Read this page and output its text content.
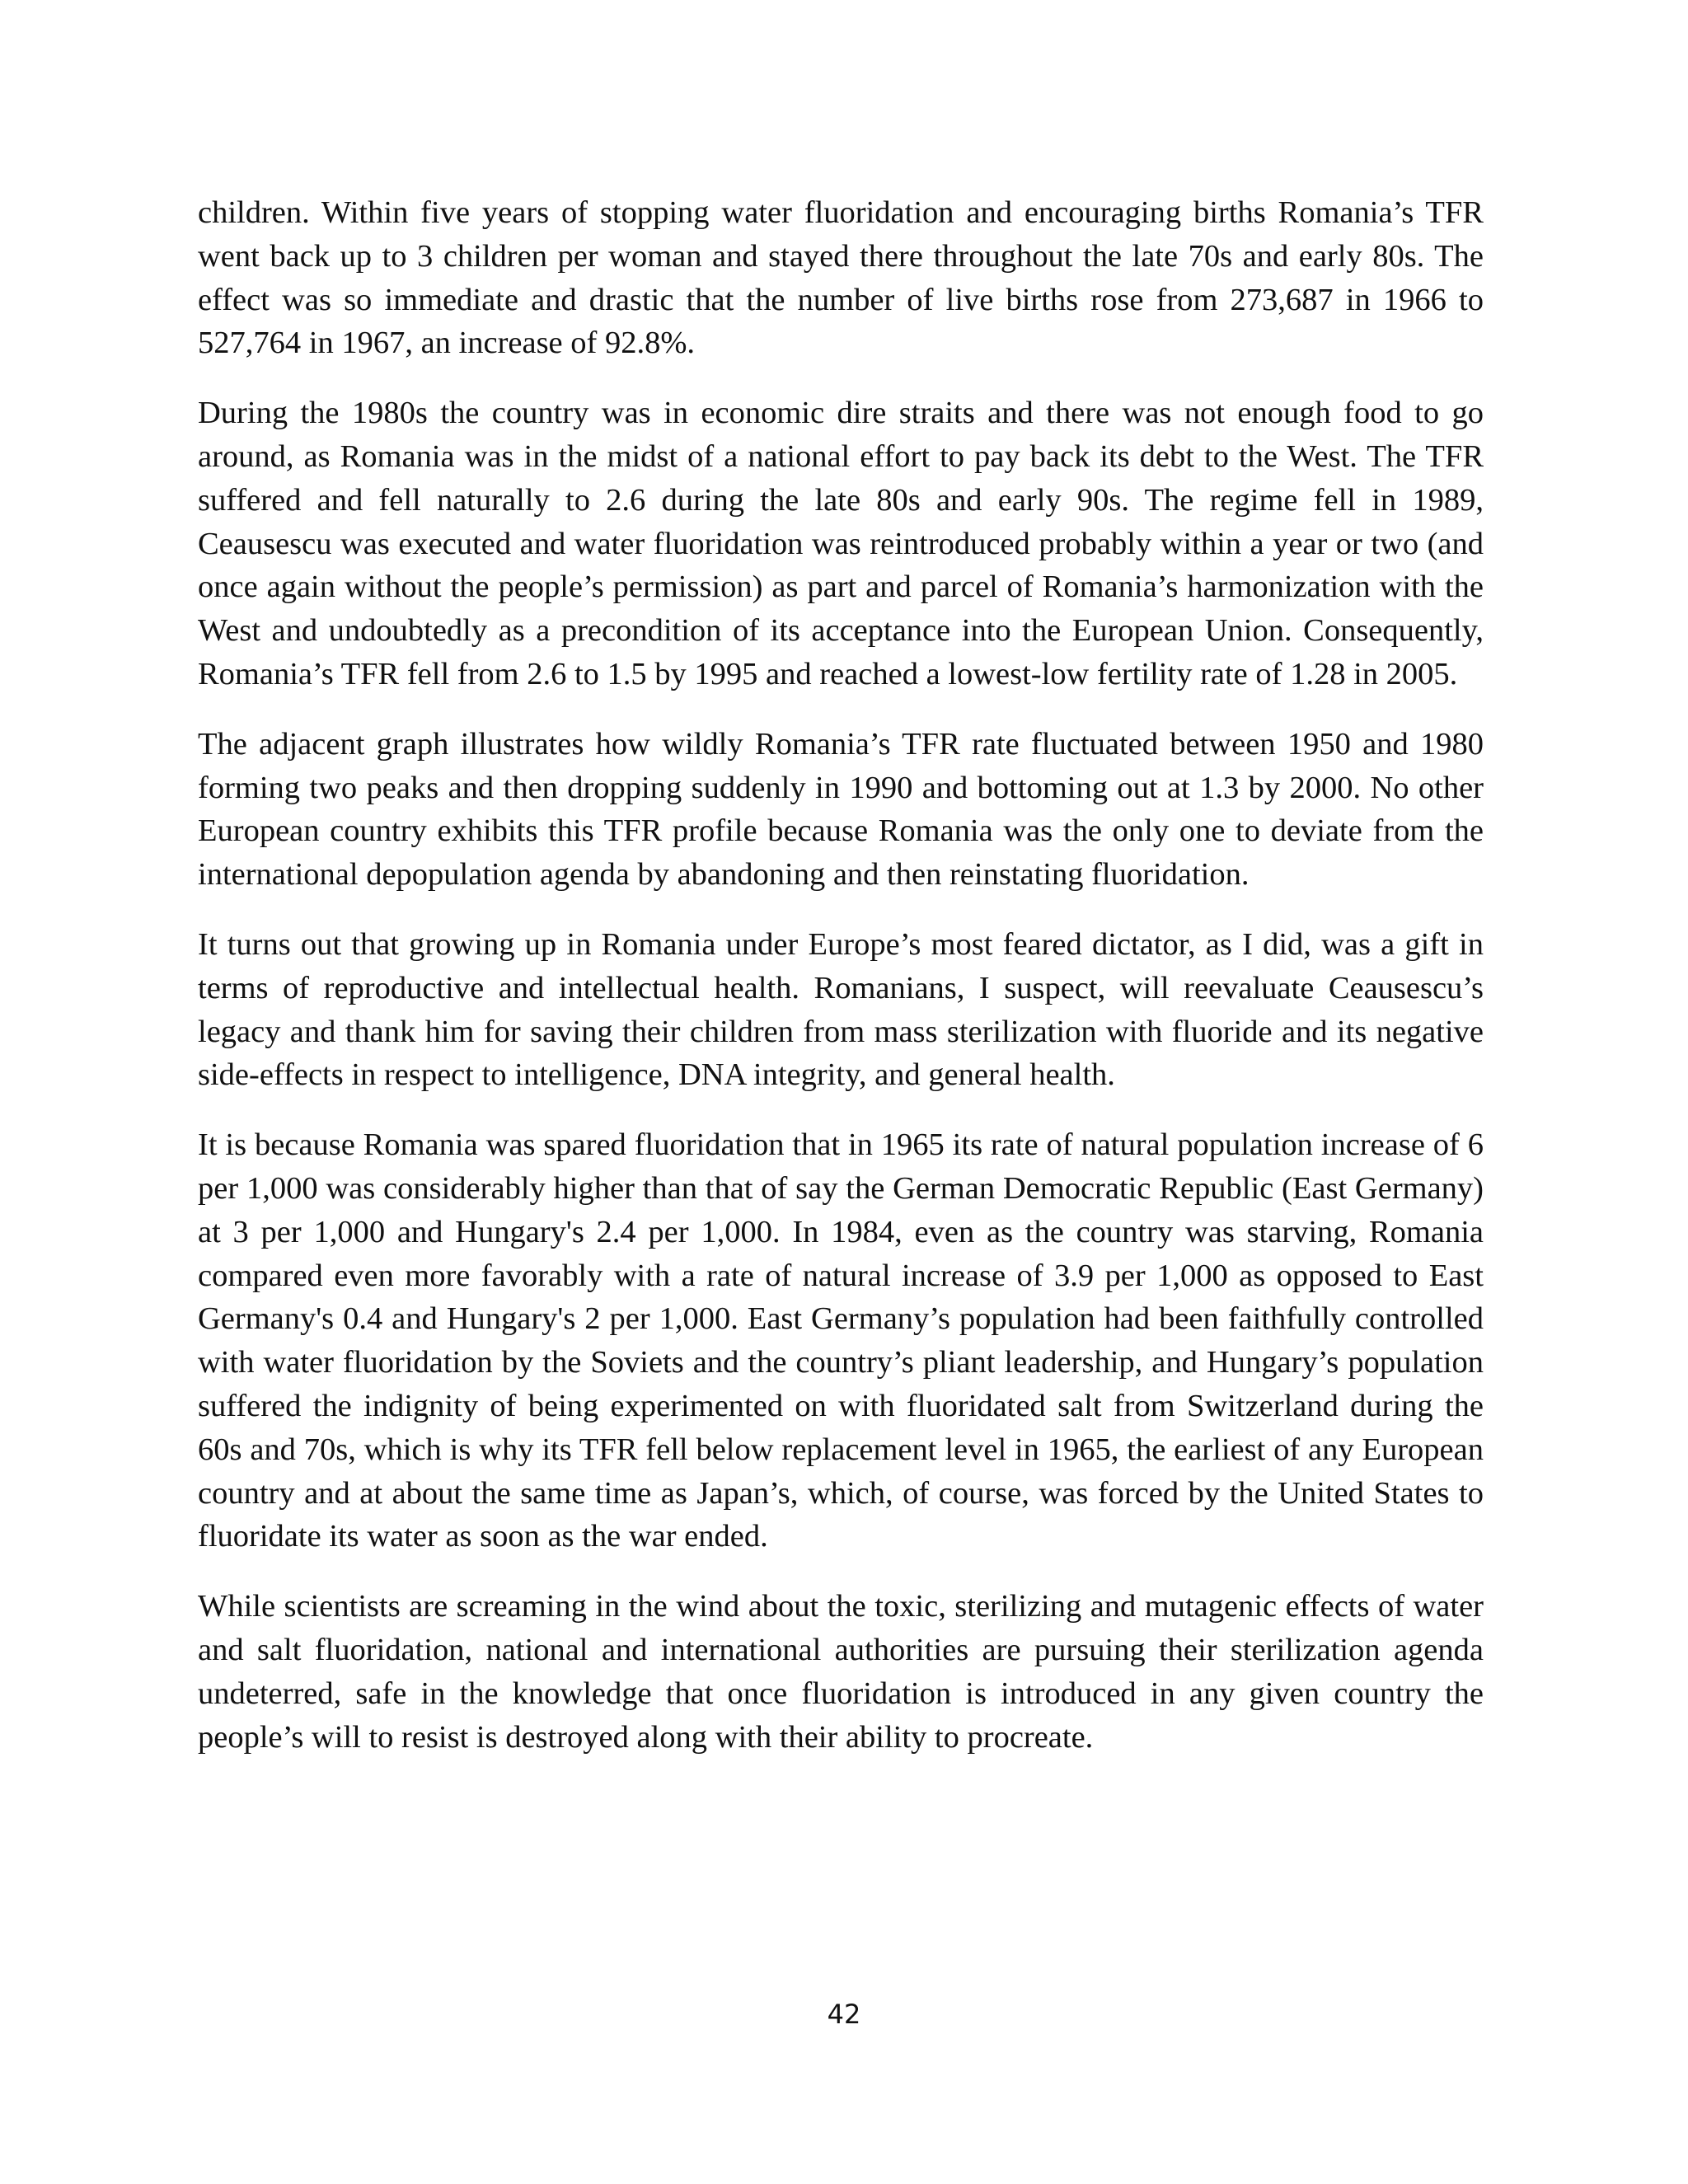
children. Within five years of stopping water fluoridation and encouraging births Romania’s TFR went back up to 3 children per woman and stayed there throughout the late 70s and early 80s. The effect was so immediate and drastic that the number of live births rose from 273,687 in 1966 to 527,764 in 1967, an increase of 92.8%.

During the 1980s the country was in economic dire straits and there was not enough food to go around, as Romania was in the midst of a national effort to pay back its debt to the West. The TFR suffered and fell naturally to 2.6 during the late 80s and early 90s. The regime fell in 1989, Ceausescu was executed and water fluoridation was reintroduced probably within a year or two (and once again without the people’s permission) as part and parcel of Romania’s harmonization with the West and undoubtedly as a precondition of its acceptance into the European Union. Consequently, Romania’s TFR fell from 2.6 to 1.5 by 1995 and reached a lowest-low fertility rate of 1.28 in 2005.

The adjacent graph illustrates how wildly Romania’s TFR rate fluctuated between 1950 and 1980 forming two peaks and then dropping suddenly in 1990 and bottoming out at 1.3 by 2000. No other European country exhibits this TFR profile because Romania was the only one to deviate from the international depopulation agenda by abandoning and then reinstating fluoridation.

It turns out that growing up in Romania under Europe’s most feared dictator, as I did, was a gift in terms of reproductive and intellectual health. Romanians, I suspect, will reevaluate Ceausescu’s legacy and thank him for saving their children from mass sterilization with fluoride and its negative side-effects in respect to intelligence, DNA integrity, and general health.

It is because Romania was spared fluoridation that in 1965 its rate of natural population increase of 6 per 1,000 was considerably higher than that of say the German Democratic Republic (East Germany) at 3 per 1,000 and Hungary's 2.4 per 1,000. In 1984, even as the country was starving, Romania compared even more favorably with a rate of natural increase of 3.9 per 1,000 as opposed to East Germany's 0.4 and Hungary's 2 per 1,000. East Germany’s population had been faithfully controlled with water fluoridation by the Soviets and the country’s pliant leadership, and Hungary’s population suffered the indignity of being experimented on with fluoridated salt from Switzerland during the 60s and 70s, which is why its TFR fell below replacement level in 1965, the earliest of any European country and at about the same time as Japan’s, which, of course, was forced by the United States to fluoridate its water as soon as the war ended.

While scientists are screaming in the wind about the toxic, sterilizing and mutagenic effects of water and salt fluoridation, national and international authorities are pursuing their sterilization agenda undeterred, safe in the knowledge that once fluoridation is introduced in any given country the people’s will to resist is destroyed along with their ability to procreate.

42
